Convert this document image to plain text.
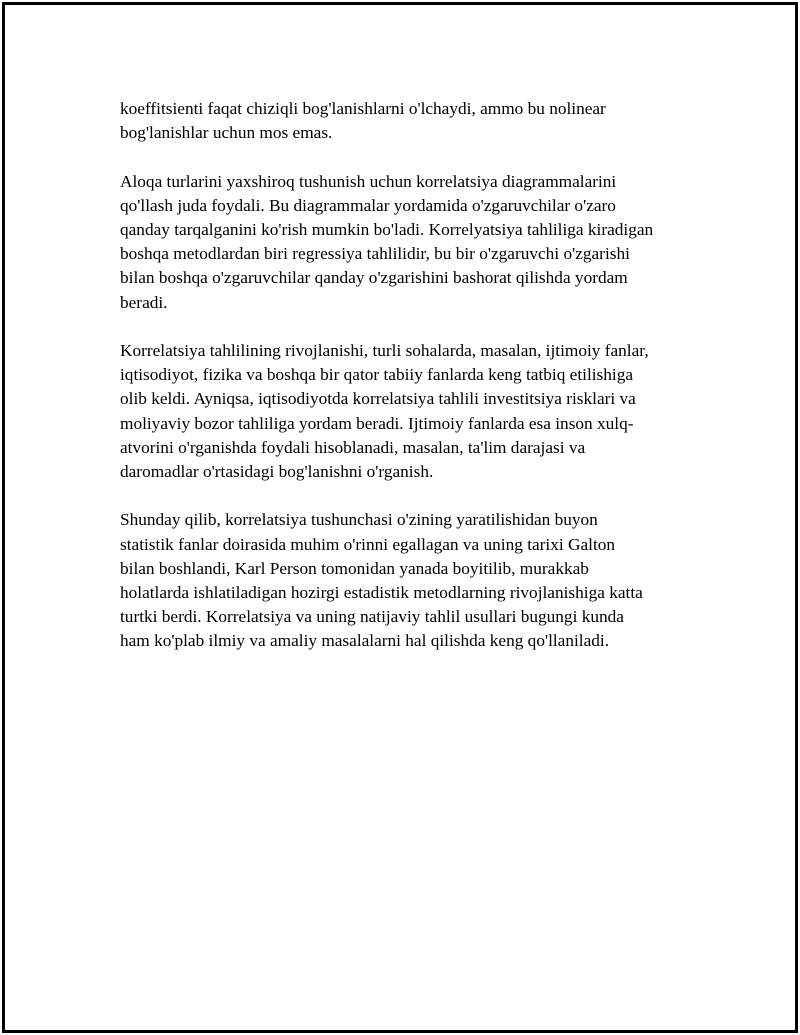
koeffitsienti faqat chiziqli bog'lanishlarni o'lchaydi, ammo bu nolinear
bog'lanishlar uchun mos emas.

Aloqa turlarini yaxshiroq tushunish uchun korrelatsiya diagrammalarini
qo'llash juda foydali. Bu diagrammalar yordamida o'zgaruvchilar o'zaro
qanday tarqalganini ko'rish mumkin bo'ladi. Korrelyatsiya tahliliga kiradigan
boshqa metodlardan biri regressiya tahlilidir, bu bir o'zgaruvchi o'zgarishi
bilan boshqa o'zgaruvchilar qanday o'zgarishini bashorat qilishda yordam
beradi.

Korrelatsiya tahlilining rivojlanishi, turli sohalarda, masalan, ijtimoiy fanlar,
iqtisodiyot, fizika va boshqa bir qator tabiiy fanlarda keng tatbiq etilishiga
olib keldi. Ayniqsa, iqtisodiyotda korrelatsiya tahlili investitsiya risklari va
moliyaviy bozor tahliliga yordam beradi. Ijtimoiy fanlarda esa inson xulq-
atvorini o'rganishda foydali hisoblanadi, masalan, ta'lim darajasi va
daromadlar o'rtasidagi bog'lanishni o'rganish.

Shunday qilib, korrelatsiya tushunchasi o'zining yaratilishidan buyon
statistik fanlar doirasida muhim o'rinni egallagan va uning tarixi Galton
bilan boshlandi, Karl Person tomonidan yanada boyitilib, murakkab
holatlarda ishlatiladigan hozirgi estadistik metodlarning rivojlanishiga katta
turtki berdi. Korrelatsiya va uning natijaviy tahlil usullari bugungi kunda
ham ko'plab ilmiy va amaliy masalalarni hal qilishda keng qo'llaniladi.
